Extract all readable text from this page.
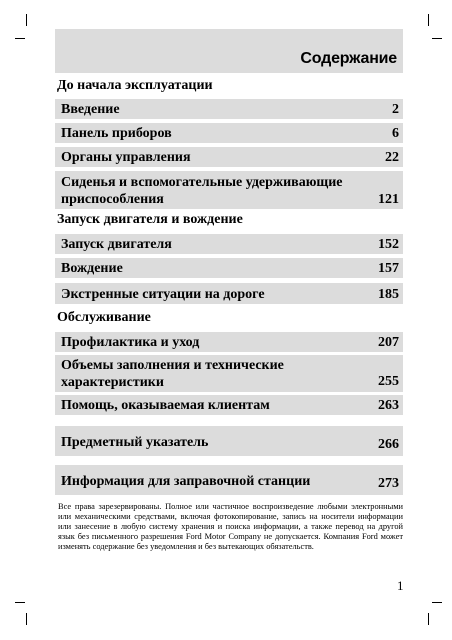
Содержание
До начала эксплуатации
Введение	2
Панель приборов	6
Органы управления	22
Сиденья и вспомогательные удерживающие приспособления	121
Запуск двигателя и вождение
Запуск двигателя	152
Вождение	157
Экстренные ситуации на дороге	185
Обслуживание
Профилактика и уход	207
Объемы заполнения и технические характеристики	255
Помощь, оказываемая клиентам	263
Предметный указатель	266
Информация для заправочной станции	273
Все права зарезервированы. Полное или частичное воспроизведение любыми электронными или механическими средствами, включая фотокопирование, запись на носители информации или занесение в любую систему хранения и поиска информации, а также перевод на другой язык без письменного разрешения Ford Motor Company не допускается. Компания Ford может изменять содержание без уведомления и без вытекающих обязательств.
1
